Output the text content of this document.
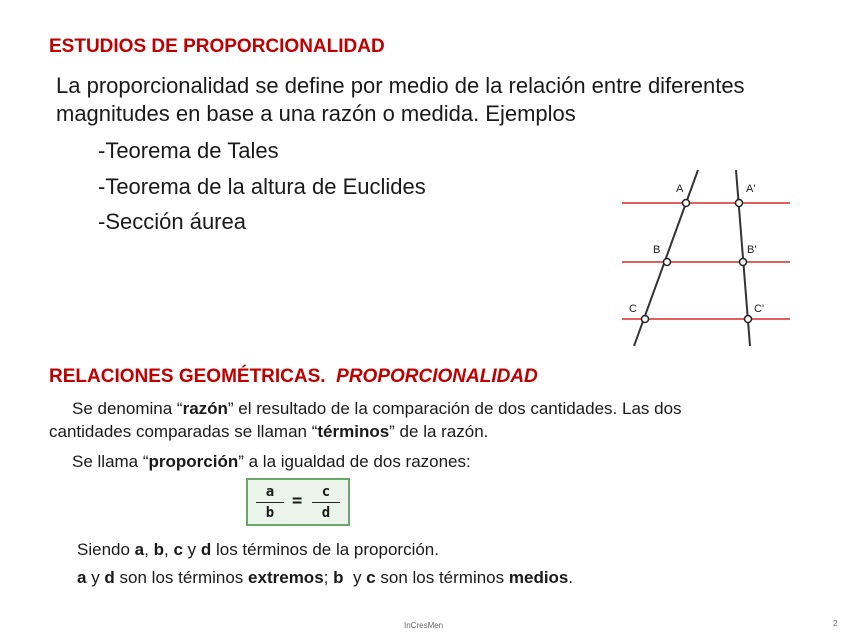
ESTUDIOS DE PROPORCIONALIDAD
La proporcionalidad se define por medio de la relación entre diferentes
magnitudes en base a una razón o medida. Ejemplos
-Teorema de Tales
-Teorema de la altura de Euclides
-Sección áurea
A	A'
B	B'
C	C'
RELACIONES GEOMÉTRICAS. PROPORCIONALIDAD
Se denomina “razón” el resultado de la comparación de dos cantidades. Las dos
cantidades comparadas se llaman “términos” de la razón.
Se llama “proporción” a la igualdad de dos razones:
$\frac{a}{b} = \frac{c}{d}$
Siendo a, b, c y d los términos de la proporción.
a y d son los términos extremos; b  y c son los términos medios.
InCresMen	2
